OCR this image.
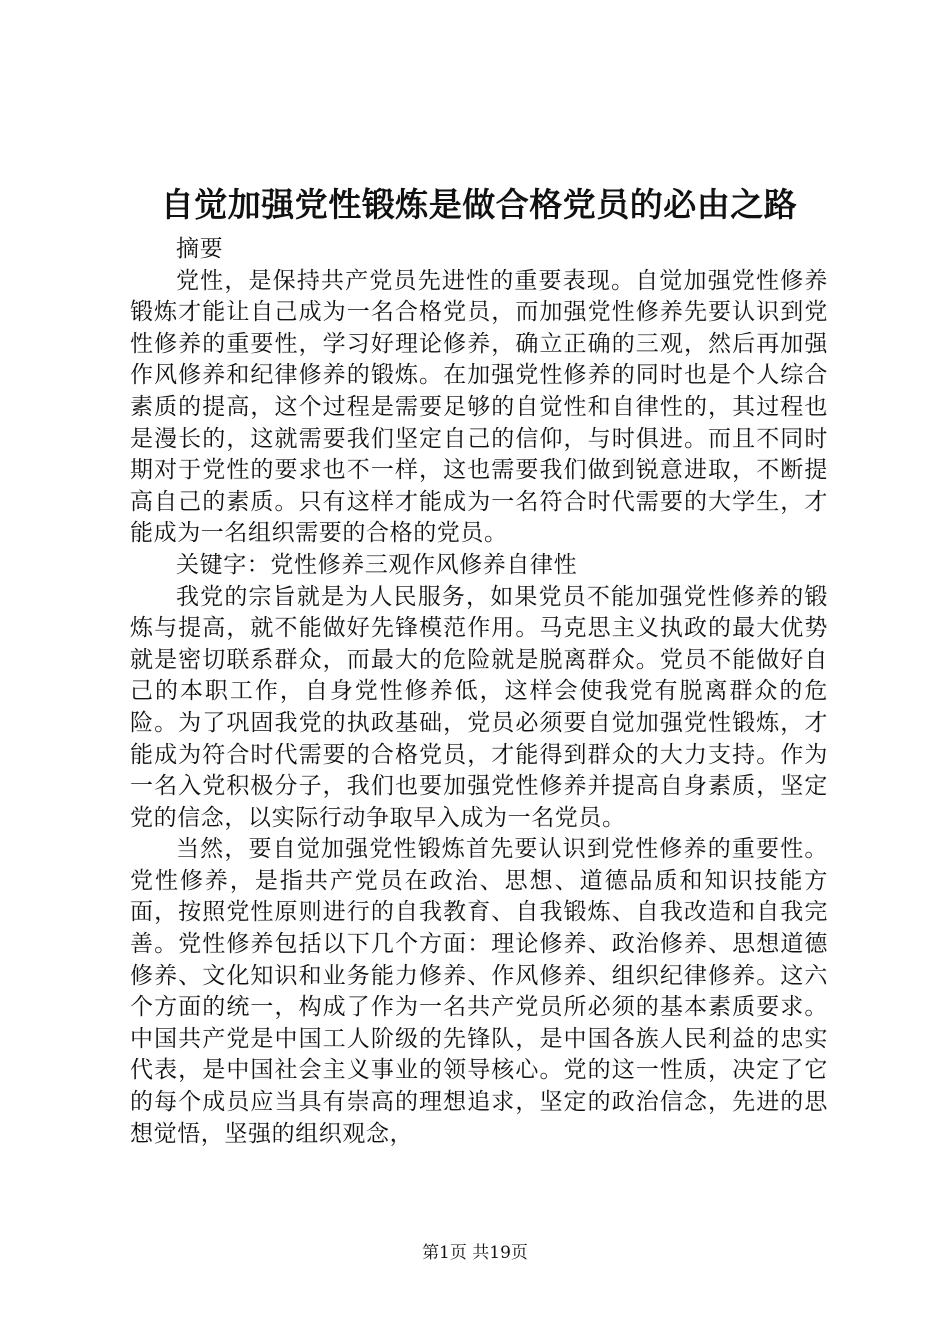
自觉加强党性锻炼是做合格党员的必由之路

摘要

党性，是保持共产党员先进性的重要表现。自觉加强党性修养锻炼才能让自己成为一名合格党员，而加强党性修养先要认识到党性修养的重要性，学习好理论修养，确立正确的三观，然后再加强作风修养和纪律修养的锻炼。在加强党性修养的同时也是个人综合素质的提高，这个过程是需要足够的自觉性和自律性的，其过程也是漫长的，这就需要我们坚定自己的信仰，与时俱进。而且不同时期对于党性的要求也不一样，这也需要我们做到锐意进取，不断提高自己的素质。只有这样才能成为一名符合时代需要的大学生，才能成为一名组织需要的合格的党员。

关键字：党性修养三观作风修养自律性

我党的宗旨就是为人民服务，如果党员不能加强党性修养的锻炼与提高，就不能做好先锋模范作用。马克思主义执政的最大优势就是密切联系群众，而最大的危险就是脱离群众。党员不能做好自己的本职工作，自身党性修养低，这样会使我党有脱离群众的危险。为了巩固我党的执政基础，党员必须要自觉加强党性锻炼，才能成为符合时代需要的合格党员，才能得到群众的大力支持。作为一名入党积极分子，我们也要加强党性修养并提高自身素质，坚定党的信念，以实际行动争取早入成为一名党员。

当然，要自觉加强党性锻炼首先要认识到党性修养的重要性。党性修养，是指共产党员在政治、思想、道德品质和知识技能方面，按照党性原则进行的自我教育、自我锻炼、自我改造和自我完善。党性修养包括以下几个方面：理论修养、政治修养、思想道德修养、文化知识和业务能力修养、作风修养、组织纪律修养。这六个方面的统一，构成了作为一名共产党员所必须的基本素质要求。中国共产党是中国工人阶级的先锋队，是中国各族人民利益的忠实代表，是中国社会主义事业的领导核心。党的这一性质，决定了它的每个成员应当具有崇高的理想追求，坚定的政治信念，先进的思想觉悟，坚强的组织观念，

第1页 共19页
